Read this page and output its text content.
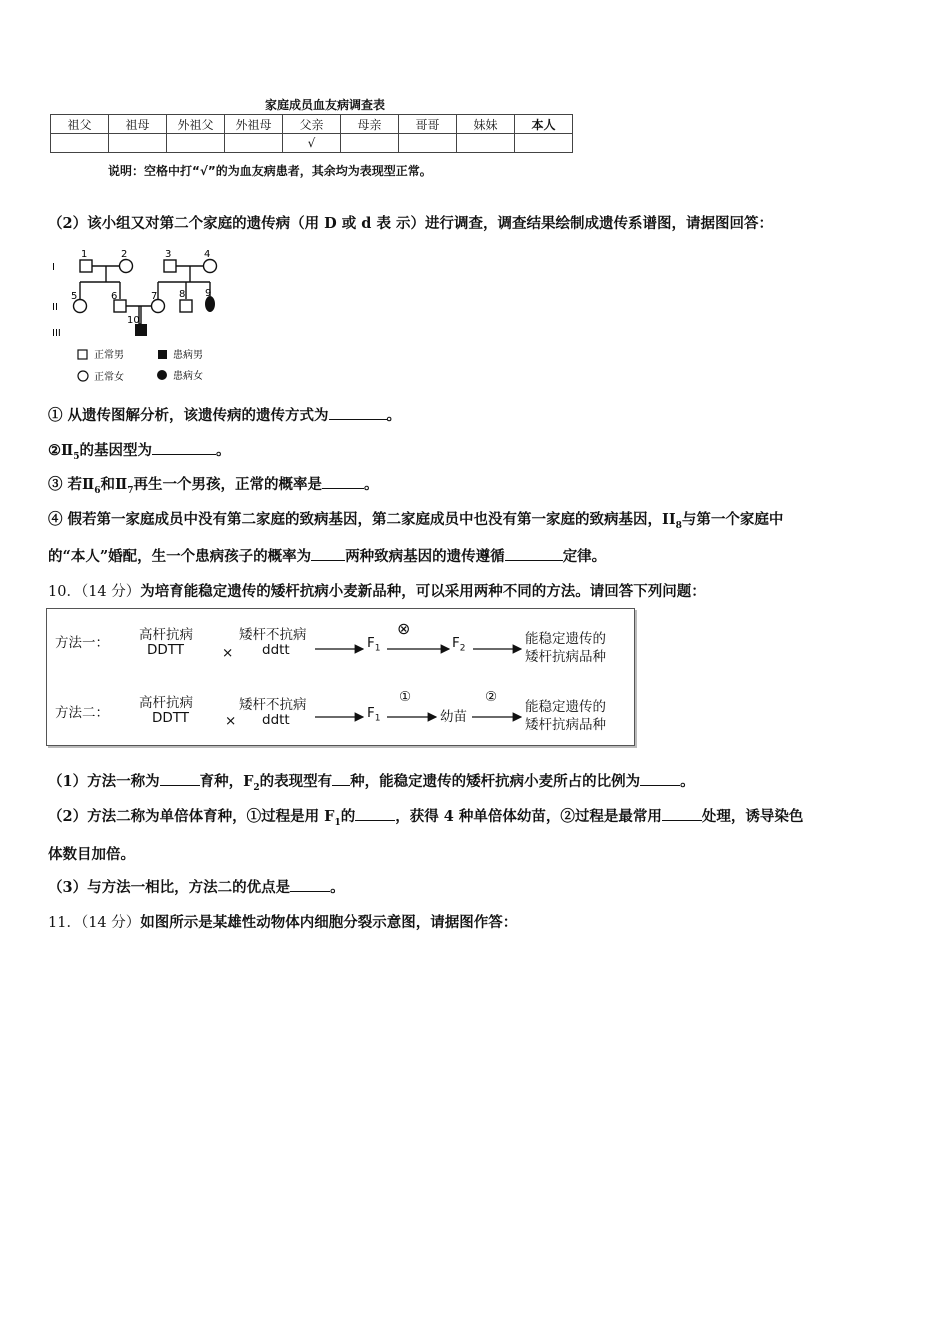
家庭成员血友病调查表
祖父	祖母	外祖父	外祖母	父亲	母亲	哥哥	妹妹	本人
				√				
说明：空格中打“√”的为血友病患者，其余均为表现型正常。
（2）该小组又对第二个家庭的遗传病（用 D 或 d 表 示）进行调查，调查结果绘制成遗传系谱图，请据图回答：
I
II
III
1	2	3	4
5	6	7 8 9
10
正常男	患病男
正常女	患病女
① 从遗传图解分析，该遗传病的遗传方式为	。
$②Ⅱ_5$的基因型为	。
③ 若$Ⅱ_6$和$Ⅱ_7$再生一个男孩，正常的概率是	。
④ 假若第一家庭成员中没有第二家庭的致病基因，第二家庭成员中也没有第一家庭的致病基因，$II_8$与第一个家庭中
的“本人”婚配，生一个患病孩子的概率为 两种致病基因的遗传遵循	定律。
10．（14 分）为培育能稳定遗传的矮杆抗病小麦新品种，可以采用两种不同的方法。请回答下列问题：
方法一： 高杆抗病
DDTT	×
矮杆不抗病
ddtt	$F_1$
⊗
$F_2$
能稳定遗传的
矮杆抗病品种
方法二：
高杆抗病
DDTT	×
矮杆不抗病
ddtt	$F_1$
①
幼苗
②
能稳定遗传的
矮杆抗病品种
（1）方法一称为	育种，$F_2$的表现型有 种，能稳定遗传的矮杆抗病小麦所占的比例为	。
（2）方法二称为单倍体育种，①过程是用 $F_1$的	，获得 4 种单倍体幼苗，②过程是最常用	处理，诱导染色
体数目加倍。
（3）与方法一相比，方法二的优点是	。
11．（14 分）如图所示是某雄性动物体内细胞分裂示意图，请据图作答：
